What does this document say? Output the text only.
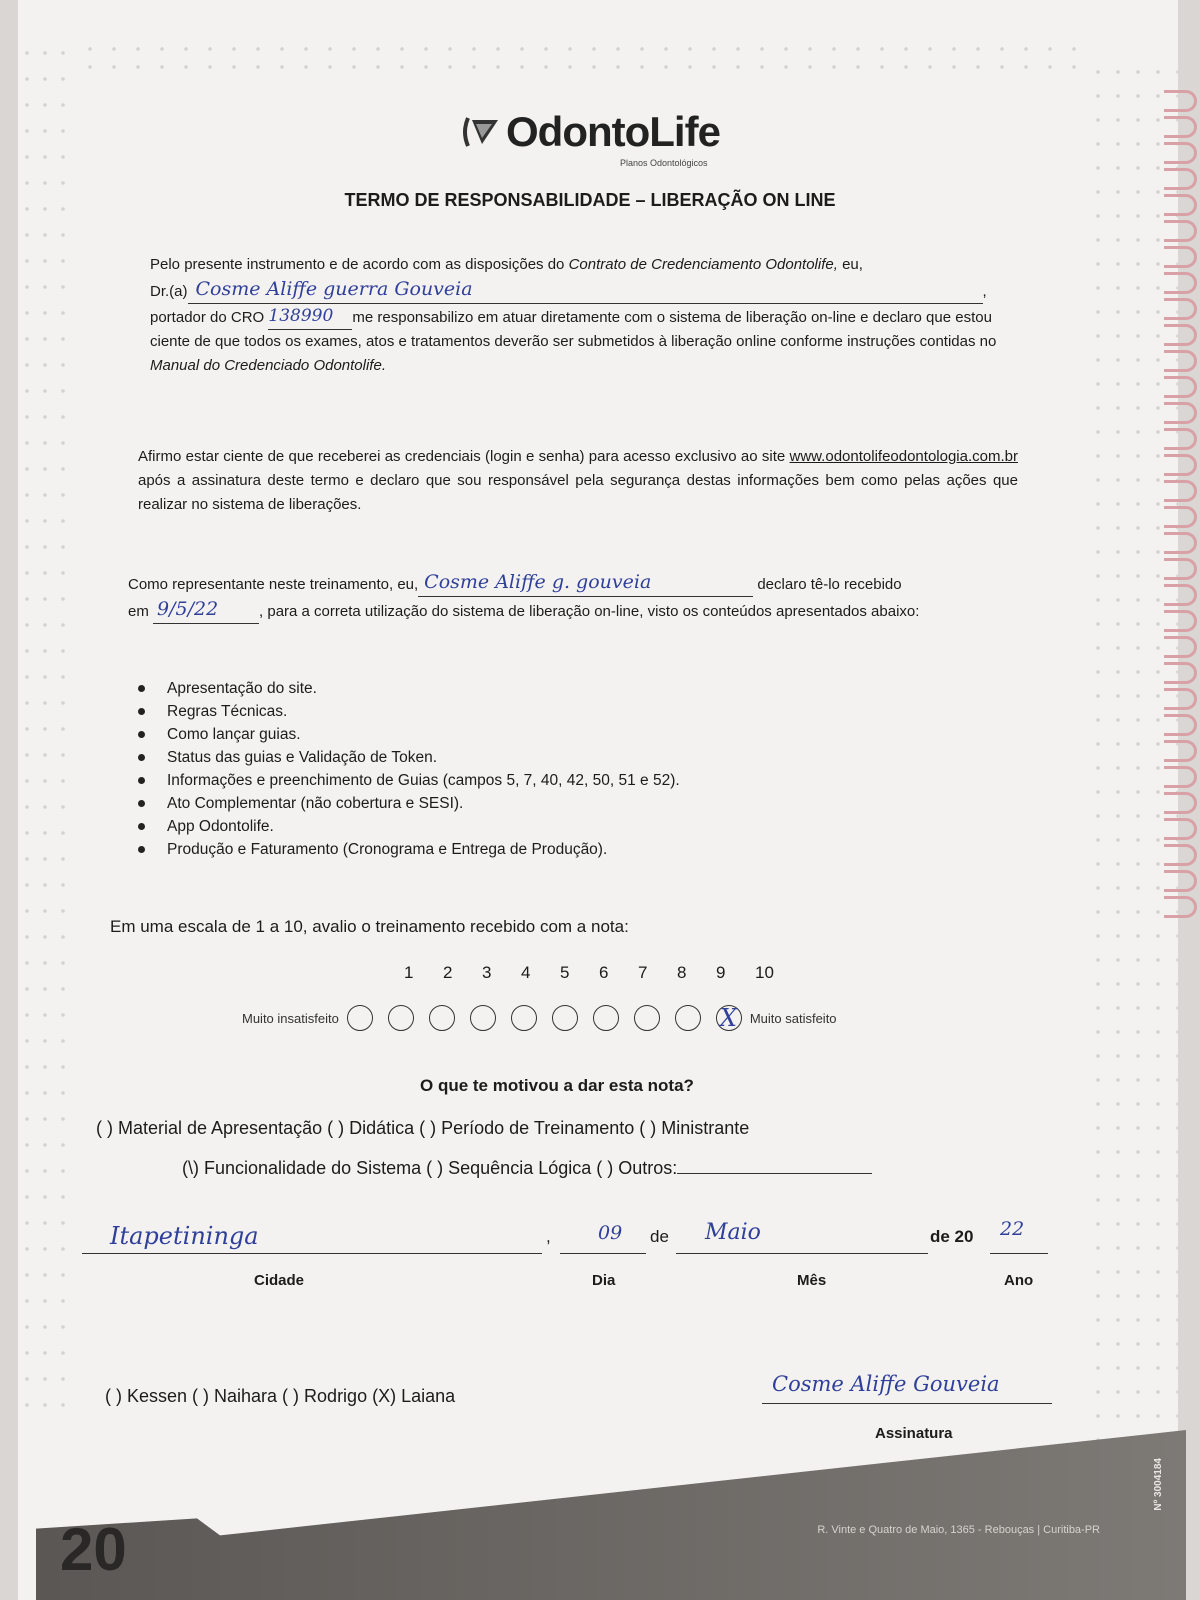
OdontoLife
Planos Odontológicos
TERMO DE RESPONSABILIDADE – LIBERAÇÃO ON LINE
Pelo presente instrumento e de acordo com as disposições do Contrato de Credenciamento Odontolife, eu,
Dr.(a) Cosme Aliffe guerra Gouveia	,
portador do CRO 138990 me responsabilizo em atuar diretamente com o sistema de liberação on-line e declaro que estou ciente de que todos os exames, atos e tratamentos deverão ser submetidos à liberação online conforme instruções contidas no Manual do Credenciado Odontolife.
Afirmo estar ciente de que receberei as credenciais (login e senha) para acesso exclusivo ao site www.odontolifeodontologia.com.br após a assinatura deste termo e declaro que sou responsável pela segurança destas informações bem como pelas ações que realizar no sistema de liberações.
Como representante neste treinamento, eu, Cosme Aliffe g. gouveia	declaro tê-lo recebido
em 9/5/22	, para a correta utilização do sistema de liberação on-line, visto os conteúdos apresentados abaixo:
Apresentação do site.
Regras Técnicas.
Como lançar guias.
Status das guias e Validação de Token.
Informações e preenchimento de Guias (campos 5, 7, 40, 42, 50, 51 e 52).
Ato Complementar (não cobertura e SESI).
App Odontolife.
Produção e Faturamento (Cronograma e Entrega de Produção).
Em uma escala de 1 a 10, avalio o treinamento recebido com a nota:
1 2 3 4 5 6 7 8 9 10
Muito insatisfeito
X	Muito satisfeito
O que te motivou a dar esta nota?
( ) Material de Apresentação ( ) Didática ( ) Período de Treinamento ( ) Ministrante
(\) Funcionalidade do Sistema ( ) Sequência Lógica ( ) Outros:
Itapetininga	, 09 de Maio	de 20 22
Cidade	Dia	Mês	Ano
( ) Kessen ( ) Naihara ( ) Rodrigo (X) Laiana	Cosme Aliffe Gouveia
Assinatura
20	R. Vinte e Quatro de Maio, 1365 - Rebouças | Curitiba-PR
Nº 3004184
